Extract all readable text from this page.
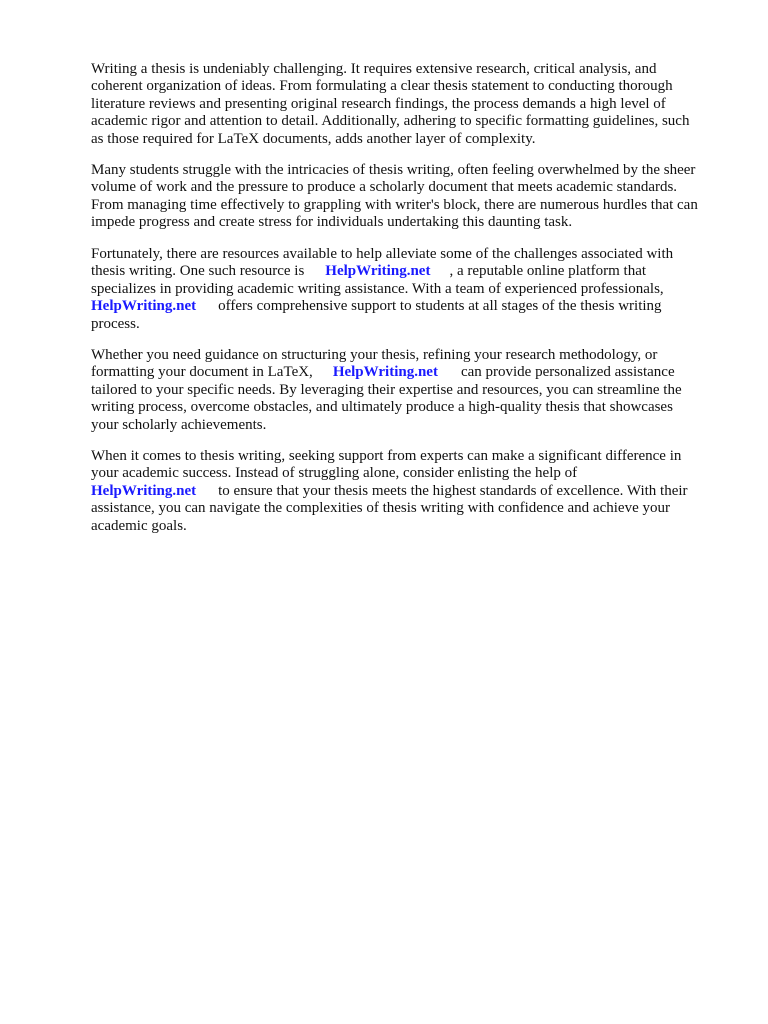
Writing a thesis is undeniably challenging. It requires extensive research, critical analysis, and
coherent organization of ideas. From formulating a clear thesis statement to conducting thorough
literature reviews and presenting original research findings, the process demands a high level of
academic rigor and attention to detail. Additionally, adhering to specific formatting guidelines, such
as those required for LaTeX documents, adds another layer of complexity.
Many students struggle with the intricacies of thesis writing, often feeling overwhelmed by the sheer
volume of work and the pressure to produce a scholarly document that meets academic standards.
From managing time effectively to grappling with writer's block, there are numerous hurdles that can
impede progress and create stress for individuals undertaking this daunting task.
Fortunately, there are resources available to help alleviate some of the challenges associated with
thesis writing. One such resource is HelpWriting.net , a reputable online platform that
specializes in providing academic writing assistance. With a team of experienced professionals,
HelpWriting.net offers comprehensive support to students at all stages of the thesis writing
process.
Whether you need guidance on structuring your thesis, refining your research methodology, or
formatting your document in LaTeX, HelpWriting.net can provide personalized assistance
tailored to your specific needs. By leveraging their expertise and resources, you can streamline the
writing process, overcome obstacles, and ultimately produce a high-quality thesis that showcases
your scholarly achievements.
When it comes to thesis writing, seeking support from experts can make a significant difference in
your academic success. Instead of struggling alone, consider enlisting the help of
HelpWriting.net to ensure that your thesis meets the highest standards of excellence. With their
assistance, you can navigate the complexities of thesis writing with confidence and achieve your
academic goals.
